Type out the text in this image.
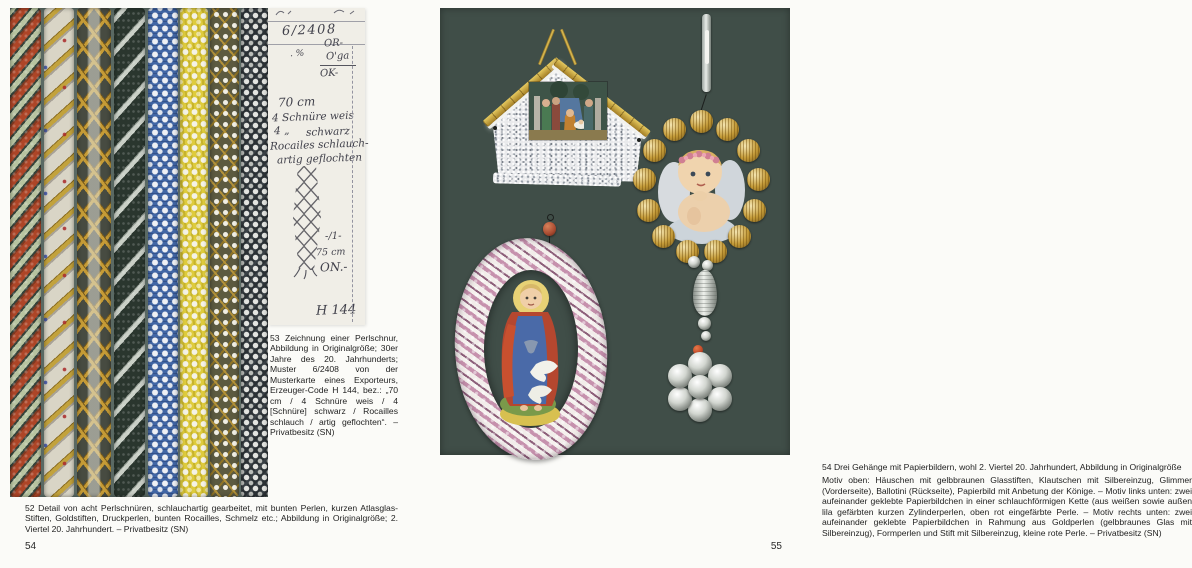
6/2408
. %
OR-
O'ga
OK-
70 cm
4 Schnüre weis
4 „ schwarz
Rocailes schlauch-
artig geflochten
-/1-
75 cm
ON.-
H 144

53 Zeichnung einer Perlschnur, Abbildung in Originalgröße; 30er Jahre des 20. Jahrhunderts; Muster 6/2408 von der Musterkarte eines Exporteurs, Erzeuger-Code H 144, bez.: „70 cm / 4 Schnüre weis / 4 [Schnüre] schwarz / Rocailles schlauch / artig geflochten“. – Privatbesitz (SN)

52 Detail von acht Perlschnüren, schlauchartig gearbeitet, mit bunten Perlen, kurzen Atlasglas-Stiften, Goldstiften, Druckperlen, bunten Rocailles, Schmelz etc.; Abbildung in Originalgröße; 2. Viertel 20. Jahrhundert. – Privatbesitz (SN)

54
54 Drei Gehänge mit Papierbildern, wohl 2. Viertel 20. Jahrhundert, Abbildung in Originalgröße
Motiv oben: Häuschen mit gelbbraunen Glasstiften, Klautschen mit Silbereinzug, Glimmer (Vorderseite), Ballotini (Rückseite), Papierbild mit Anbetung der Könige. – Motiv links unten: zwei aufeinander geklebte Papierbildchen in einer schlauchförmigen Kette (aus weißen sowie außen lila gefärbten kurzen Zylinderperlen, oben rot eingefärbte Perle. – Motiv rechts unten: zwei aufeinander geklebte Papierbildchen in Rahmung aus Goldperlen (gelbbraunes Glas mit Silbereinzug), Formperlen und Stift mit Silbereinzug, kleine rote Perle. – Privatbesitz (SN)
55
